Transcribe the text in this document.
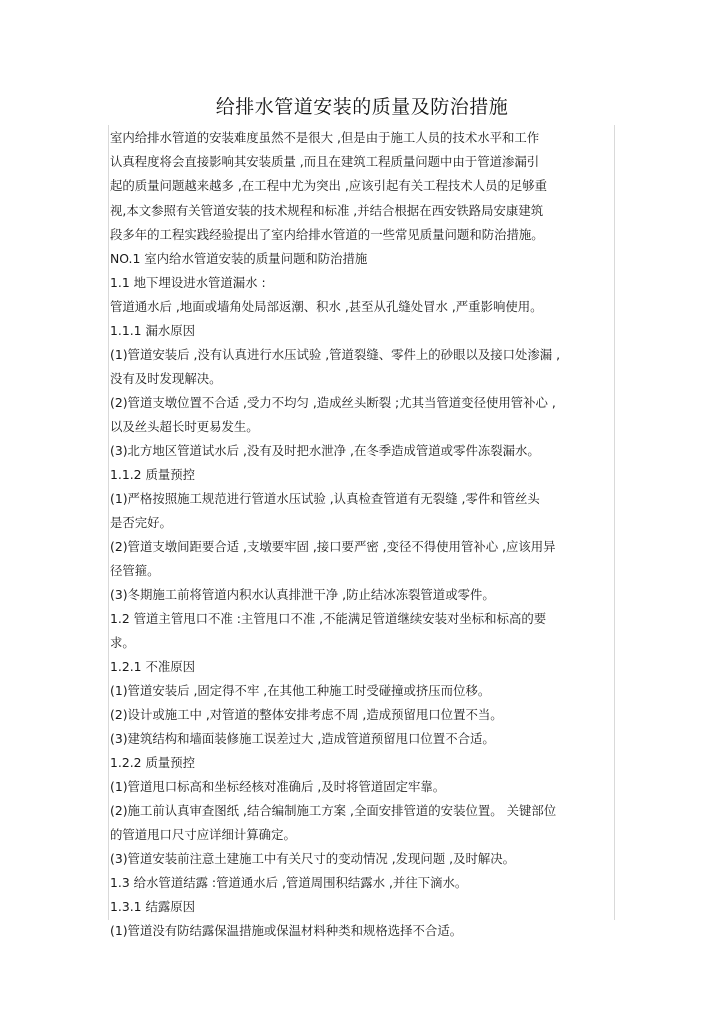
给排水管道安装的质量及防治措施
室内给排水管道的安装难度虽然不是很大 ,但是由于施工人员的技术水平和工作
认真程度将会直接影响其安装质量 ,而且在建筑工程质量问题中由于管道渗漏引
起的质量问题越来越多 ,在工程中尤为突出 ,应该引起有关工程技术人员的足够重
视,本文参照有关管道安装的技术规程和标准 ,并结合根据在西安铁路局安康建筑
段多年的工程实践经验提出了室内给排水管道的一些常见质量问题和防治措施。
NO.1 室内给水管道安装的质量问题和防治措施
1.1 地下埋设进水管道漏水 :
管道通水后 ,地面或墙角处局部返潮、积水 ,甚至从孔缝处冒水 ,严重影响使用。
1.1.1 漏水原因
(1)管道安装后 ,没有认真进行水压试验 ,管道裂缝、零件上的砂眼以及接口处渗漏 ,
没有及时发现解决。
(2)管道支墩位置不合适 ,受力不均匀 ,造成丝头断裂 ;尤其当管道变径使用管补心 ,
以及丝头超长时更易发生。
(3)北方地区管道试水后 ,没有及时把水泄净 ,在冬季造成管道或零件冻裂漏水。
1.1.2 质量预控
(1)严格按照施工规范进行管道水压试验 ,认真检查管道有无裂缝 ,零件和管丝头
是否完好。
(2)管道支墩间距要合适 ,支墩要牢固 ,接口要严密 ,变径不得使用管补心 ,应该用异
径管箍。
(3)冬期施工前将管道内积水认真排泄干净 ,防止结冰冻裂管道或零件。
1.2 管道主管甩口不准 :主管甩口不准 ,不能满足管道继续安装对坐标和标高的要
求。
1.2.1 不准原因
(1)管道安装后 ,固定得不牢 ,在其他工种施工时受碰撞或挤压而位移。
(2)设计或施工中 ,对管道的整体安排考虑不周 ,造成预留甩口位置不当。
(3)建筑结构和墙面装修施工误差过大 ,造成管道预留甩口位置不合适。
1.2.2 质量预控
(1)管道甩口标高和坐标经核对准确后 ,及时将管道固定牢靠。
(2)施工前认真审查图纸 ,结合编制施工方案 ,全面安排管道的安装位置。 关键部位
的管道甩口尺寸应详细计算确定。
(3)管道安装前注意土建施工中有关尺寸的变动情况 ,发现问题 ,及时解决。
1.3 给水管道结露 :管道通水后 ,管道周围积结露水 ,并往下滴水。
1.3.1 结露原因
(1)管道没有防结露保温措施或保温材料种类和规格选择不合适。
